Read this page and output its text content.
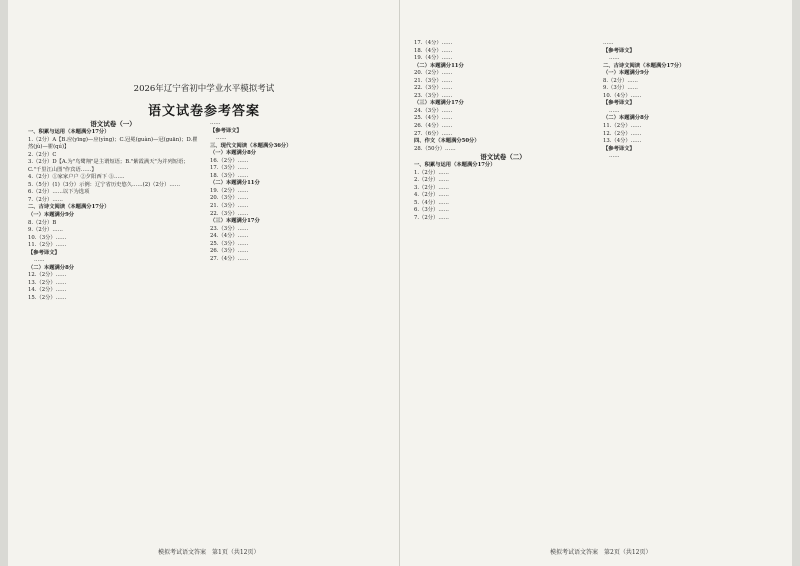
2026年辽宁省初中学业水平模拟考试
语文试卷参考答案

语文试卷（一）

一、积累与运用（本题满分17分）

1.（2分）A【B.应(yīng)—应(yìng)；C.冠冕(guàn)—冠(guān)；D.瞿然(jù)—瞿(qú)】

2.（2分）C

3.（2分）D【A.为"鸟鹭翔"是主谓短语；B."紫霞满天"为并列短语；C."千里江山图"作宾语……】

4.（2分）①家家户户 ②夕阳西下 ③……

5.（5分）(1)（3分）示例：辽宁省历史悠久……(2)（2分）……

6.（2分）……以下为选项

7.（2分）……

二、古诗文阅读（本题满分17分）

（一）本题满分9分

8.（2分）B

9.（2分）……

10.（3分）……

11.（2分）……

【参考译文】

……

（二）本题满分8分

12.（2分）……

13.（2分）……

14.（2分）……

15.（2分）……

……

【参考译文】

……

三、现代文阅读（本题满分36分）

（一）本题满分8分

16.（2分）……

17.（3分）……

18.（3分）……

（二）本题满分11分

19.（2分）……

20.（3分）……

21.（3分）……

22.（3分）……

（三）本题满分17分

23.（3分）……

24.（4分）……

25.（3分）……

26.（3分）……

27.（4分）……

模拟考试语文答案　第1页（共12页）

17.（4分）……

18.（4分）……

19.（4分）……

（二）本题满分11分

20.（2分）……

21.（3分）……

22.（3分）……

23.（3分）……

（三）本题满分17分

24.（3分）……

25.（4分）……

26.（4分）……

27.（6分）……

四、作文（本题满分50分）

28.（50分）……

语文试卷（二）

一、积累与运用（本题满分17分）

1.（2分）……

2.（2分）……

3.（2分）……

4.（2分）……

5.（4分）……

6.（3分）……

7.（2分）……

……

【参考译文】

……

二、古诗文阅读（本题满分17分）

（一）本题满分9分

8.（2分）……

9.（3分）……

10.（4分）……

【参考译文】

……

（二）本题满分8分

11.（2分）……

12.（2分）……

13.（4分）……

【参考译文】

……

模拟考试语文答案　第2页（共12页）
